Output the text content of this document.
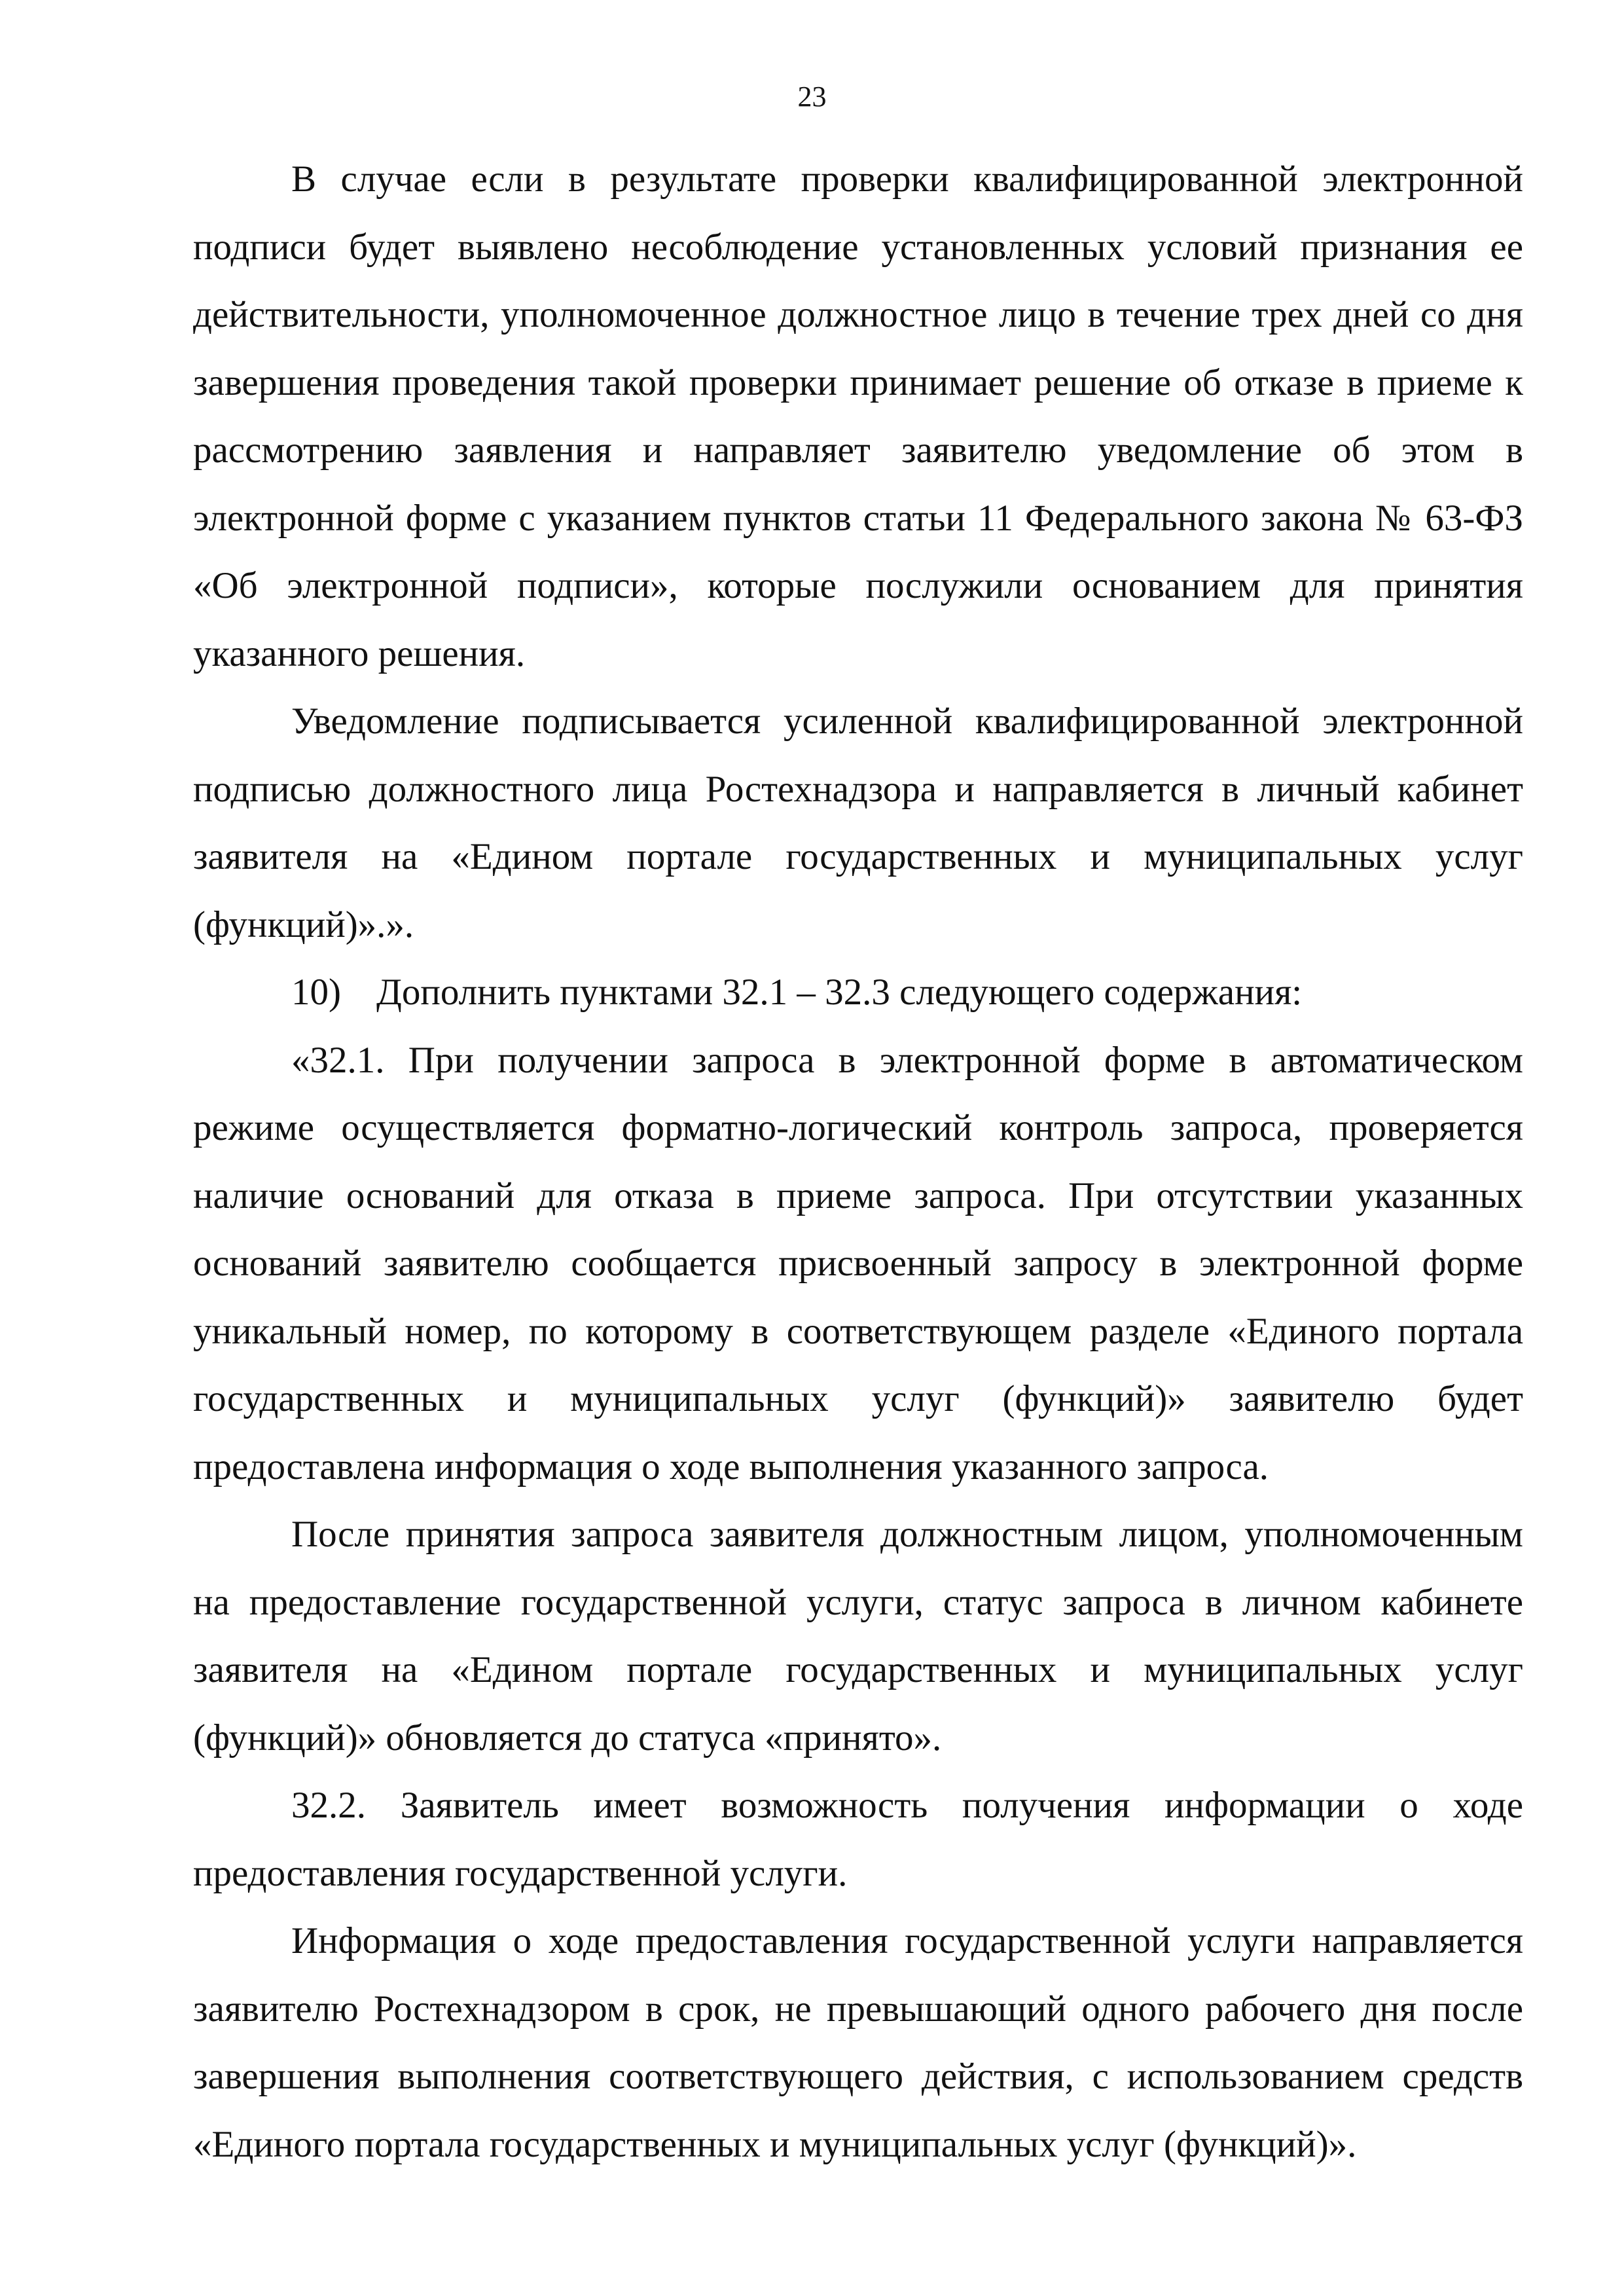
23

В случае если в результате проверки квалифицированной электронной подписи будет выявлено несоблюдение установленных условий признания ее действительности, уполномоченное должностное лицо в течение трех дней со дня завершения проведения такой проверки принимает решение об отказе в приеме к рассмотрению заявления и направляет заявителю уведомление об этом в электронной форме с указанием пунктов статьи 11 Федерального закона № 63-ФЗ «Об электронной подписи», которые послужили основанием для принятия указанного решения.

Уведомление подписывается усиленной квалифицированной электронной подписью должностного лица Ростехнадзора и направляется в личный кабинет заявителя на «Едином портале государственных и муниципальных услуг (функций)».».

10) Дополнить пунктами 32.1 – 32.3 следующего содержания:

«32.1. При получении запроса в электронной форме в автоматическом режиме осуществляется форматно-логический контроль запроса, проверяется наличие оснований для отказа в приеме запроса. При отсутствии указанных оснований заявителю сообщается присвоенный запросу в электронной форме уникальный номер, по которому в соответствующем разделе «Единого портала государственных и муниципальных услуг (функций)» заявителю будет предоставлена информация о ходе выполнения указанного запроса.

После принятия запроса заявителя должностным лицом, уполномоченным на предоставление государственной услуги, статус запроса в личном кабинете заявителя на «Едином портале государственных и муниципальных услуг (функций)» обновляется до статуса «принято».

32.2. Заявитель имеет возможность получения информации о ходе предоставления государственной услуги.

Информация о ходе предоставления государственной услуги направляется заявителю Ростехнадзором в срок, не превышающий одного рабочего дня после завершения выполнения соответствующего действия, с использованием средств «Единого портала государственных и муниципальных услуг (функций)».
